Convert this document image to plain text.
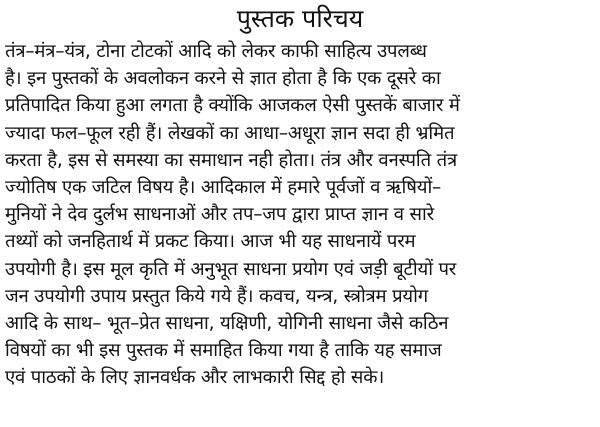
पुस्तक परिचय
तंत्र–मंत्र–यंत्र, टोना टोटकों आदि को लेकर काफी साहित्य उपलब्ध
है। इन पुस्तकों के अवलोकन करने से ज्ञात होता है कि एक दूसरे का
प्रतिपादित किया हुआ लगता है क्योंकि आजकल ऐसी पुस्तकें बाजार में
ज्यादा फल–फूल रही हैं। लेखकों का आधा–अधूरा ज्ञान सदा ही भ्रमित
करता है, इस से समस्या का समाधान नही होता। तंत्र और वनस्पति तंत्र
ज्योतिष एक जटिल विषय है। आदिकाल में हमारे पूर्वजों व ऋषियों–
मुनियों ने देव दुर्लभ साधनाओं और तप–जप द्वारा प्राप्त ज्ञान व सारे
तथ्यों को जनहितार्थ में प्रकट किया। आज भी यह साधनायें परम
उपयोगी है। इस मूल कृति में अनुभूत साधना प्रयोग एवं जड़ी बूटीयों पर
जन उपयोगी उपाय प्रस्तुत किये गये हैं। कवच, यन्त्र, स्त्रोत्रम प्रयोग
आदि के साथ– भूत–प्रेत साधना, यक्षिणी, योगिनी साधना जैसे कठिन
विषयों का भी इस पुस्तक में समाहित किया गया है ताकि यह समाज
एवं पाठकों के लिए ज्ञानवर्धक और लाभकारी सिद्द हो सके।
